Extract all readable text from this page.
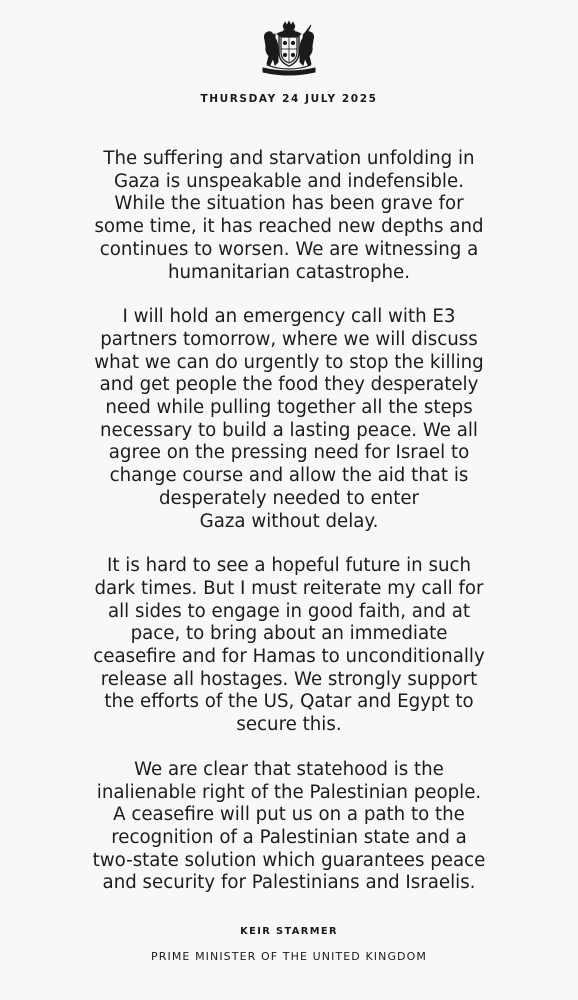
THURSDAY 24 JULY 2025

The suffering and starvation unfolding in
Gaza is unspeakable and indefensible.
While the situation has been grave for
some time, it has reached new depths and
continues to worsen. We are witnessing a
humanitarian catastrophe.

I will hold an emergency call with E3
partners tomorrow, where we will discuss
what we can do urgently to stop the killing
and get people the food they desperately
need while pulling together all the steps
necessary to build a lasting peace. We all
agree on the pressing need for Israel to
change course and allow the aid that is
desperately needed to enter
Gaza without delay.

It is hard to see a hopeful future in such
dark times. But I must reiterate my call for
all sides to engage in good faith, and at
pace, to bring about an immediate
ceasefire and for Hamas to unconditionally
release all hostages. We strongly support
the efforts of the US, Qatar and Egypt to
secure this.

We are clear that statehood is the
inalienable right of the Palestinian people.
A ceasefire will put us on a path to the
recognition of a Palestinian state and a
two-state solution which guarantees peace
and security for Palestinians and Israelis.

KEIR STARMER
PRIME MINISTER OF THE UNITED KINGDOM
